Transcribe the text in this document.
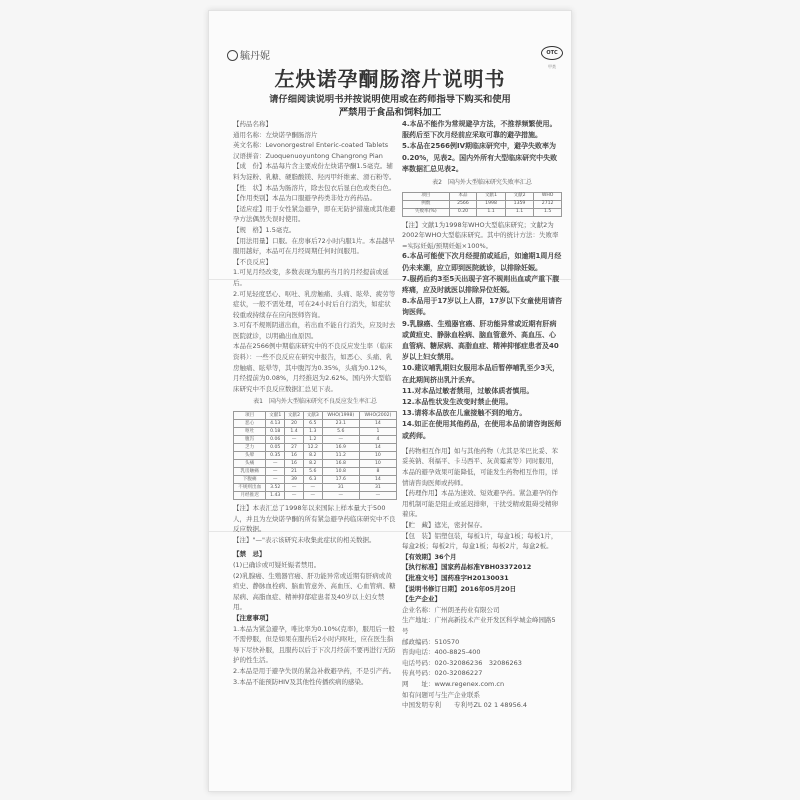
毓丹妮	OTC
甲类
左炔诺孕酮肠溶片说明书
请仔细阅读说明书并按说明使用或在药师指导下购买和使用
严禁用于食品和饲料加工

【药品名称】

通用名称：左炔诺孕酮肠溶片

英文名称：Levonorgestrel Enteric-coated Tablets

汉语拼音：Zuoquenuoyuntong Changrong Pian

【成　份】本品每片含主要成份左炔诺孕酮1.5毫克。辅料为淀粉、乳糖、硬脂酸镁、羟丙甲纤维素、滑石粉等。

【性　状】本品为肠溶片，除去包衣后显白色或类白色。

【作用类别】本品为口服避孕药类非处方药药品。

【适应症】用于女性紧急避孕，即在无防护措施或其他避孕方法偶然失误时使用。

【规　格】1.5毫克。

【用法用量】口服。在房事后72小时内服1片。本品越早服用越好，本品可在月经周期任何时间服用。

【不良反应】

1.可见月经改变，多数表现为服药当月的月经提前或延后。

2.可见轻度恶心、呕吐、乳房触痛、头痛、眩晕、疲劳等症状，一般不需处理，可在24小时后自行消失，如症状较重或持续存在应向医师咨询。

3.可有不规则阴道出血，若出血不能自行消失，应及时去医院就诊，以明确出血原因。

本品在2566例中期临床研究中的不良反应发生率（临床资料）：一些不良反应在研究中报告，如恶心、头痛、乳房触痛、眩晕等，其中腹泻为0.35%，头痛为0.12%，月经提前为0.08%，月经推迟为2.62%。国内外大型临床研究中不良反应数据汇总见下表。

表1　国内外大型临床研究不良反应发生率汇总
项目	文献1	文献2	文献3	WHO(1998)	WHO(2002)
恶心	4.13	20	6.5	23.1	14
呕吐	0.18	1.4	1.3	5.6	1
腹泻	0.06	—	1.2	—	4
乏力	0.05	27	12.2	16.9	14
头晕	0.35	16	8.2	11.2	10
头痛	—	16	8.2	16.8	10
乳房触痛	—	21	5.6	10.8	8
下腹痛	—	39	6.3	17.6	14
不规则出血	3.52	—	—	31	31
月经推迟	1.43	—	—	—	—

【注】本表汇总了1998年以来国际上样本量大于500人，并且为左炔诺孕酮的所有紧急避孕药临床研究中不良反应数据。

【注】"—"表示该研究未收集此症状的相关数据。

【禁　忌】

(1)已确诊或可疑妊娠者禁用。

(2)乳腺癌、生殖器官癌、肝功能异常或近期有肝病或黄疸史、静脉血栓病、脑血管意外、高血压、心血管病、糖尿病、高脂血症、精神抑郁症患者及40岁以上妇女禁用。

【注意事项】

1.本品为紧急避孕，唯比率为0.10%(克率)，服用后一般不需停服，但是如果在服药后2小时内呕吐，应在医生指导下尽快补服，且服药以后于下次月经前不要再进行无防护的性生活。

2.本品是用于避孕失误的紧急补救避孕药，不是引产药。

3.本品不能预防HIV及其他性传播疾病的感染。

4.本品不能作为常规避孕方法，不推荐频繁使用。服药后至下次月经前应采取可靠的避孕措施。

5.本品在2566例IV期临床研究中，避孕失败率为0.20%，见表2。国内外所有大型临床研究中失败率数据汇总见表2。

表2　国内外大型临床研究失败率汇总
项目	本品	文献1	文献2	WHO
例数	2566	1998	1359	2712
失败率(%)	0.20	1.1	1.1	1.5

【注】文献1为1998年WHO大型临床研究；文献2为2002年WHO大型临床研究。其中的统计方法：失败率=实际妊娠/预期妊娠×100%。

6.本品可能使下次月经提前或延后，如逾期1周月经仍未来潮，应立即到医院就诊，以排除妊娠。

7.服药后约3至5天出现子宫不规则出血或产重下腹疼痛，应及时就医以排除异位妊娠。

8.本品用于17岁以上人群，17岁以下女童使用请咨询医师。

9.乳腺癌、生殖器官癌、肝功能异常或近期有肝病或黄疸史、静脉血栓病、脑血管意外、高血压、心血管病、糖尿病、高脂血症、精神抑郁症患者及40岁以上妇女禁用。

10.建议哺乳期妇女服用本品后暂停哺乳至少3天，在此期间挤出乳汁丢弃。

11.对本品过敏者禁用，过敏体质者慎用。

12.本品性状发生改变时禁止使用。

13.请将本品放在儿童接触不到的地方。

14.如正在使用其他药品，在使用本品前请咨询医师或药师。

【药物相互作用】如与其他药物（尤其是苯巴比妥、苯妥英钠、利福平、卡马西平、灰黄霉素等）同时服用，本品的避孕效果可能降低，可能发生药物相互作用，详情请咨询医师或药师。

【药理作用】本品为速效、短效避孕药。紧急避孕的作用机制可能是阻止或延迟排卵，干扰受精或阻碍受精卵着床。

【贮　藏】遮光，密封保存。

【包　装】铝塑包装，每板1片，每盒1板；每板1片，每盒2板；每板2片，每盒1板；每板2片，每盒2板。

【有效期】36个月

【执行标准】国家药品标准YBH03372012

【批准文号】国药准字H20130031

【说明书修订日期】2016年05月20日

【生产企业】

企业名称：广州朗圣药业有限公司

生产地址：广州高新技术产业开发区科学城金峰园路5号

邮政编码：510570

咨询电话：400-8825-400

电话号码：020-32086236　32086263

传真号码：020-32086227

网　　址：www.regenex.com.cn

如有问题可与生产企业联系

中国发明专利　　专利号ZL 02 1 48956.4
